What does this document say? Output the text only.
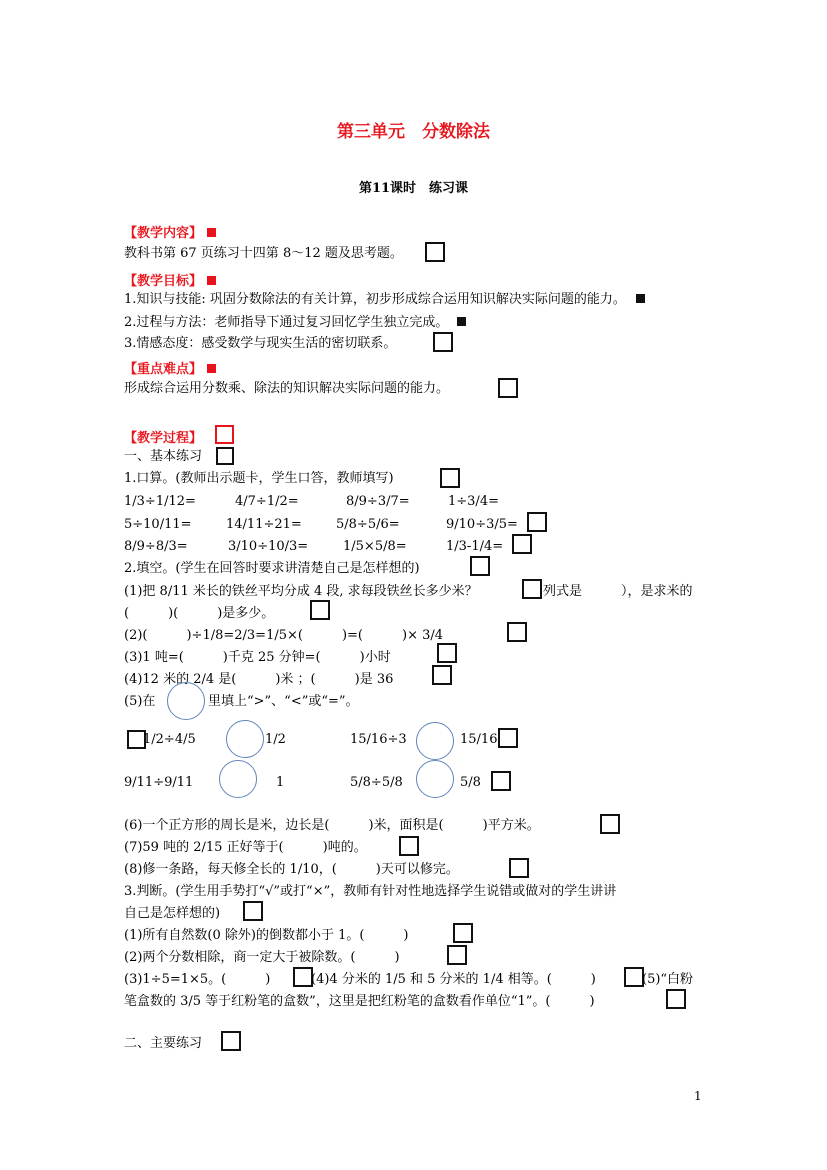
第三单元　分数除法
第11课时　练习课
【教学内容】
教科书第 67 页练习十四第 8～12 题及思考题。
【教学目标】
1.知识与技能: 巩固分数除法的有关计算，初步形成综合运用知识解决实际问题的能力。
2.过程与方法：老师指导下通过复习回忆学生独立完成。
3.情感态度：感受数学与现实生活的密切联系。
【重点难点】
形成综合运用分数乘、除法的知识解决实际问题的能力。
【教学过程】
一、基本练习
1.口算。(教师出示题卡，学生口答，教师填写)
1/3÷1/12=	4/7÷1/2=	8/9÷3/7=	1÷3/4=
5÷10/11=	14/11÷21=	5/8÷5/6=	9/10÷3/5=
8/9÷8/3=	3/10÷10/3=	1/5×5/8=	1/3-1/4=
2.填空。(学生在回答时要求讲清楚自己是怎样想的)
(1)把 8/11 米长的铁丝平均分成 4 段, 求每段铁丝长多少米？	列式是　　　），是求米的
(　　　)(　　　)是多少。
(2)(　　　)÷1/8=2/3=1/5×(　　　)=(　　　)× 3/4
(3)1 吨=(　　　)千克 25 分钟=(　　　)小时
(4)12 米的 2/4 是(　　　)米 ；(　　　)是 36
(5)在	里填上“>”、“<”或“=”。
1/2÷4/5	1/2	15/16÷3	15/16
9/11÷9/11	1	5/8÷5/8	5/8
(6)一个正方形的周长是米，边长是(　　　)米，面积是(　　　)平方米。
(7)59 吨的 2/15 正好等于(　　　)吨的。
(8)修一条路，每天修全长的 1/10，(　　　)天可以修完。
3.判断。(学生用手势打“√”或打“×”，教师有针对性地选择学生说错或做对的学生讲讲
自己是怎样想的)
(1)所有自然数(0 除外)的倒数都小于 1。(　　　)
(2)两个分数相除，商一定大于被除数。(　　　)
(3)1÷5=1×5。(　　　)	(4)4 分米的 1/5 和 5 分米的 1/4 相等。(　　　)	(5)“白粉
笔盒数的 3/5 等于红粉笔的盒数”，这里是把红粉笔的盒数看作单位“1”。(　　　)
二、主要练习
1
